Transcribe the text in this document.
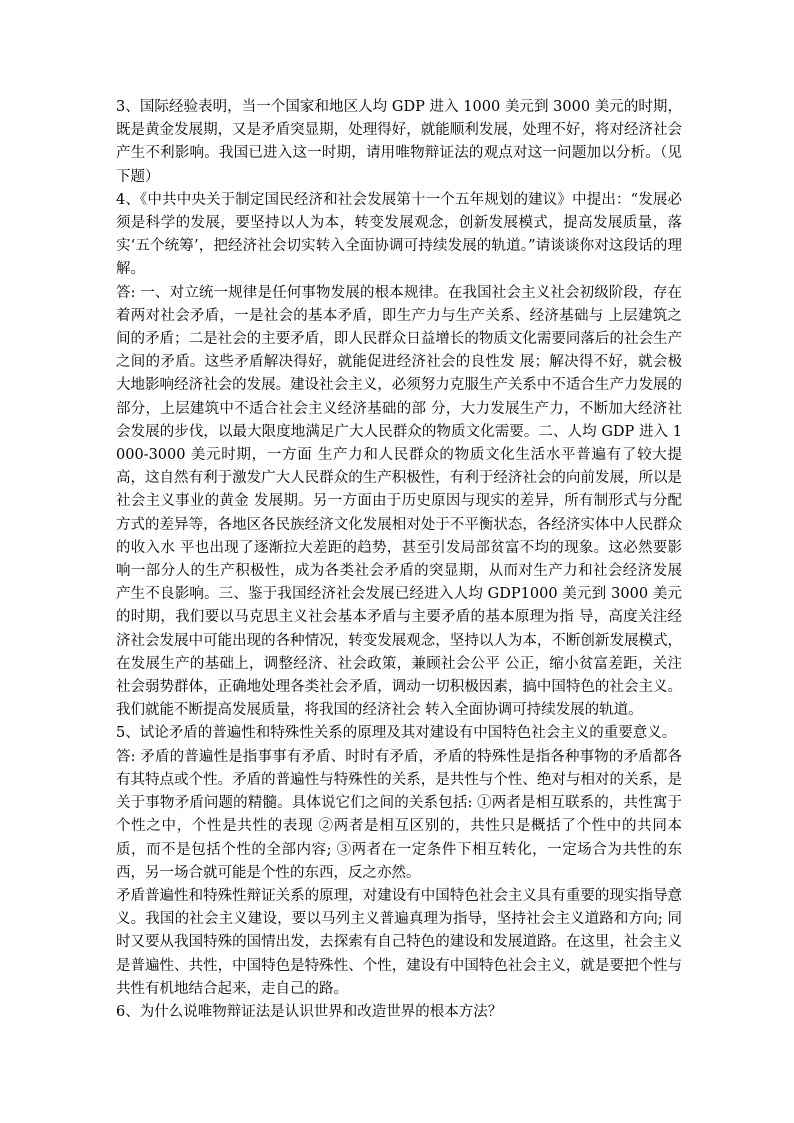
3、国际经验表明，当一个国家和地区人均 GDP 进入 1000 美元到 3000 美元的时期，既是黄金发展期，又是矛盾突显期，处理得好，就能顺利发展，处理不好，将对经济社会产生不利影响。我国已进入这一时期，请用唯物辩证法的观点对这一问题加以分析。（见下题）

4、《中共中央关于制定国民经济和社会发展第十一个五年规划的建议》中提出：“发展必须是科学的发展，要坚持以人为本，转变发展观念，创新发展模式，提高发展质量，落实‘五个统筹’，把经济社会切实转入全面协调可持续发展的轨道。”请谈谈你对这段话的理解。

答: 一、对立统一规律是任何事物发展的根本规律。在我国社会主义社会初级阶段，存在着两对社会矛盾，一是社会的基本矛盾，即生产力与生产关系、经济基础与 上层建筑之间的矛盾；二是社会的主要矛盾，即人民群众日益增长的物质文化需要同落后的社会生产之间的矛盾。这些矛盾解决得好，就能促进经济社会的良性发 展；解决得不好，就会极大地影响经济社会的发展。建设社会主义，必须努力克服生产关系中不适合生产力发展的部分，上层建筑中不适合社会主义经济基础的部 分，大力发展生产力，不断加大经济社会发展的步伐，以最大限度地满足广大人民群众的物质文化需要。二、人均 GDP 进入 1000-3000 美元时期，一方面 生产力和人民群众的物质文化生活水平普遍有了较大提高，这自然有利于激发广大人民群众的生产积极性，有利于经济社会的向前发展，所以是社会主义事业的黄金 发展期。另一方面由于历史原因与现实的差异，所有制形式与分配方式的差异等，各地区各民族经济文化发展相对处于不平衡状态，各经济实体中人民群众的收入水 平也出现了逐渐拉大差距的趋势，甚至引发局部贫富不均的现象。这必然要影响一部分人的生产积极性，成为各类社会矛盾的突显期，从而对生产力和社会经济发展 产生不良影响。三、鉴于我国经济社会发展已经进入人均 GDP1000 美元到 3000 美元的时期，我们要以马克思主义社会基本矛盾与主要矛盾的基本原理为指 导，高度关注经济社会发展中可能出现的各种情况，转变发展观念，坚持以人为本，不断创新发展模式，在发展生产的基础上，调整经济、社会政策，兼顾社会公平 公正，缩小贫富差距，关注社会弱势群体，正确地处理各类社会矛盾，调动一切积极因素，搞中国特色的社会主义。我们就能不断提高发展质量，将我国的经济社会 转入全面协调可持续发展的轨道。

5、试论矛盾的普遍性和特殊性关系的原理及其对建设有中国特色社会主义的重要意义。

答: 矛盾的普遍性是指事事有矛盾、时时有矛盾，矛盾的特殊性是指各种事物的矛盾都各有其特点或个性。矛盾的普遍性与特殊性的关系，是共性与个性、绝对与相对的关系，是关于事物矛盾问题的精髓。具体说它们之间的关系包括: ①两者是相互联系的，共性寓于个性之中，个性是共性的表现 ②两者是相互区别的，共性只是概括了个性中的共同本质，而不是包括个性的全部内容; ③两者在一定条件下相互转化，一定场合为共性的东西，另一场合就可能是个性的东西，反之亦然。

矛盾普遍性和特殊性辩证关系的原理，对建设有中国特色社会主义具有重要的现实指导意义。我国的社会主义建设，要以马列主义普遍真理为指导，坚持社会主义道路和方向; 同时又要从我国特殊的国情出发，去探索有自己特色的建设和发展道路。在这里，社会主义是普遍性、共性，中国特色是特殊性、个性，建设有中国特色社会主义，就是要把个性与共性有机地结合起来，走自己的路。

6、为什么说唯物辩证法是认识世界和改造世界的根本方法？
